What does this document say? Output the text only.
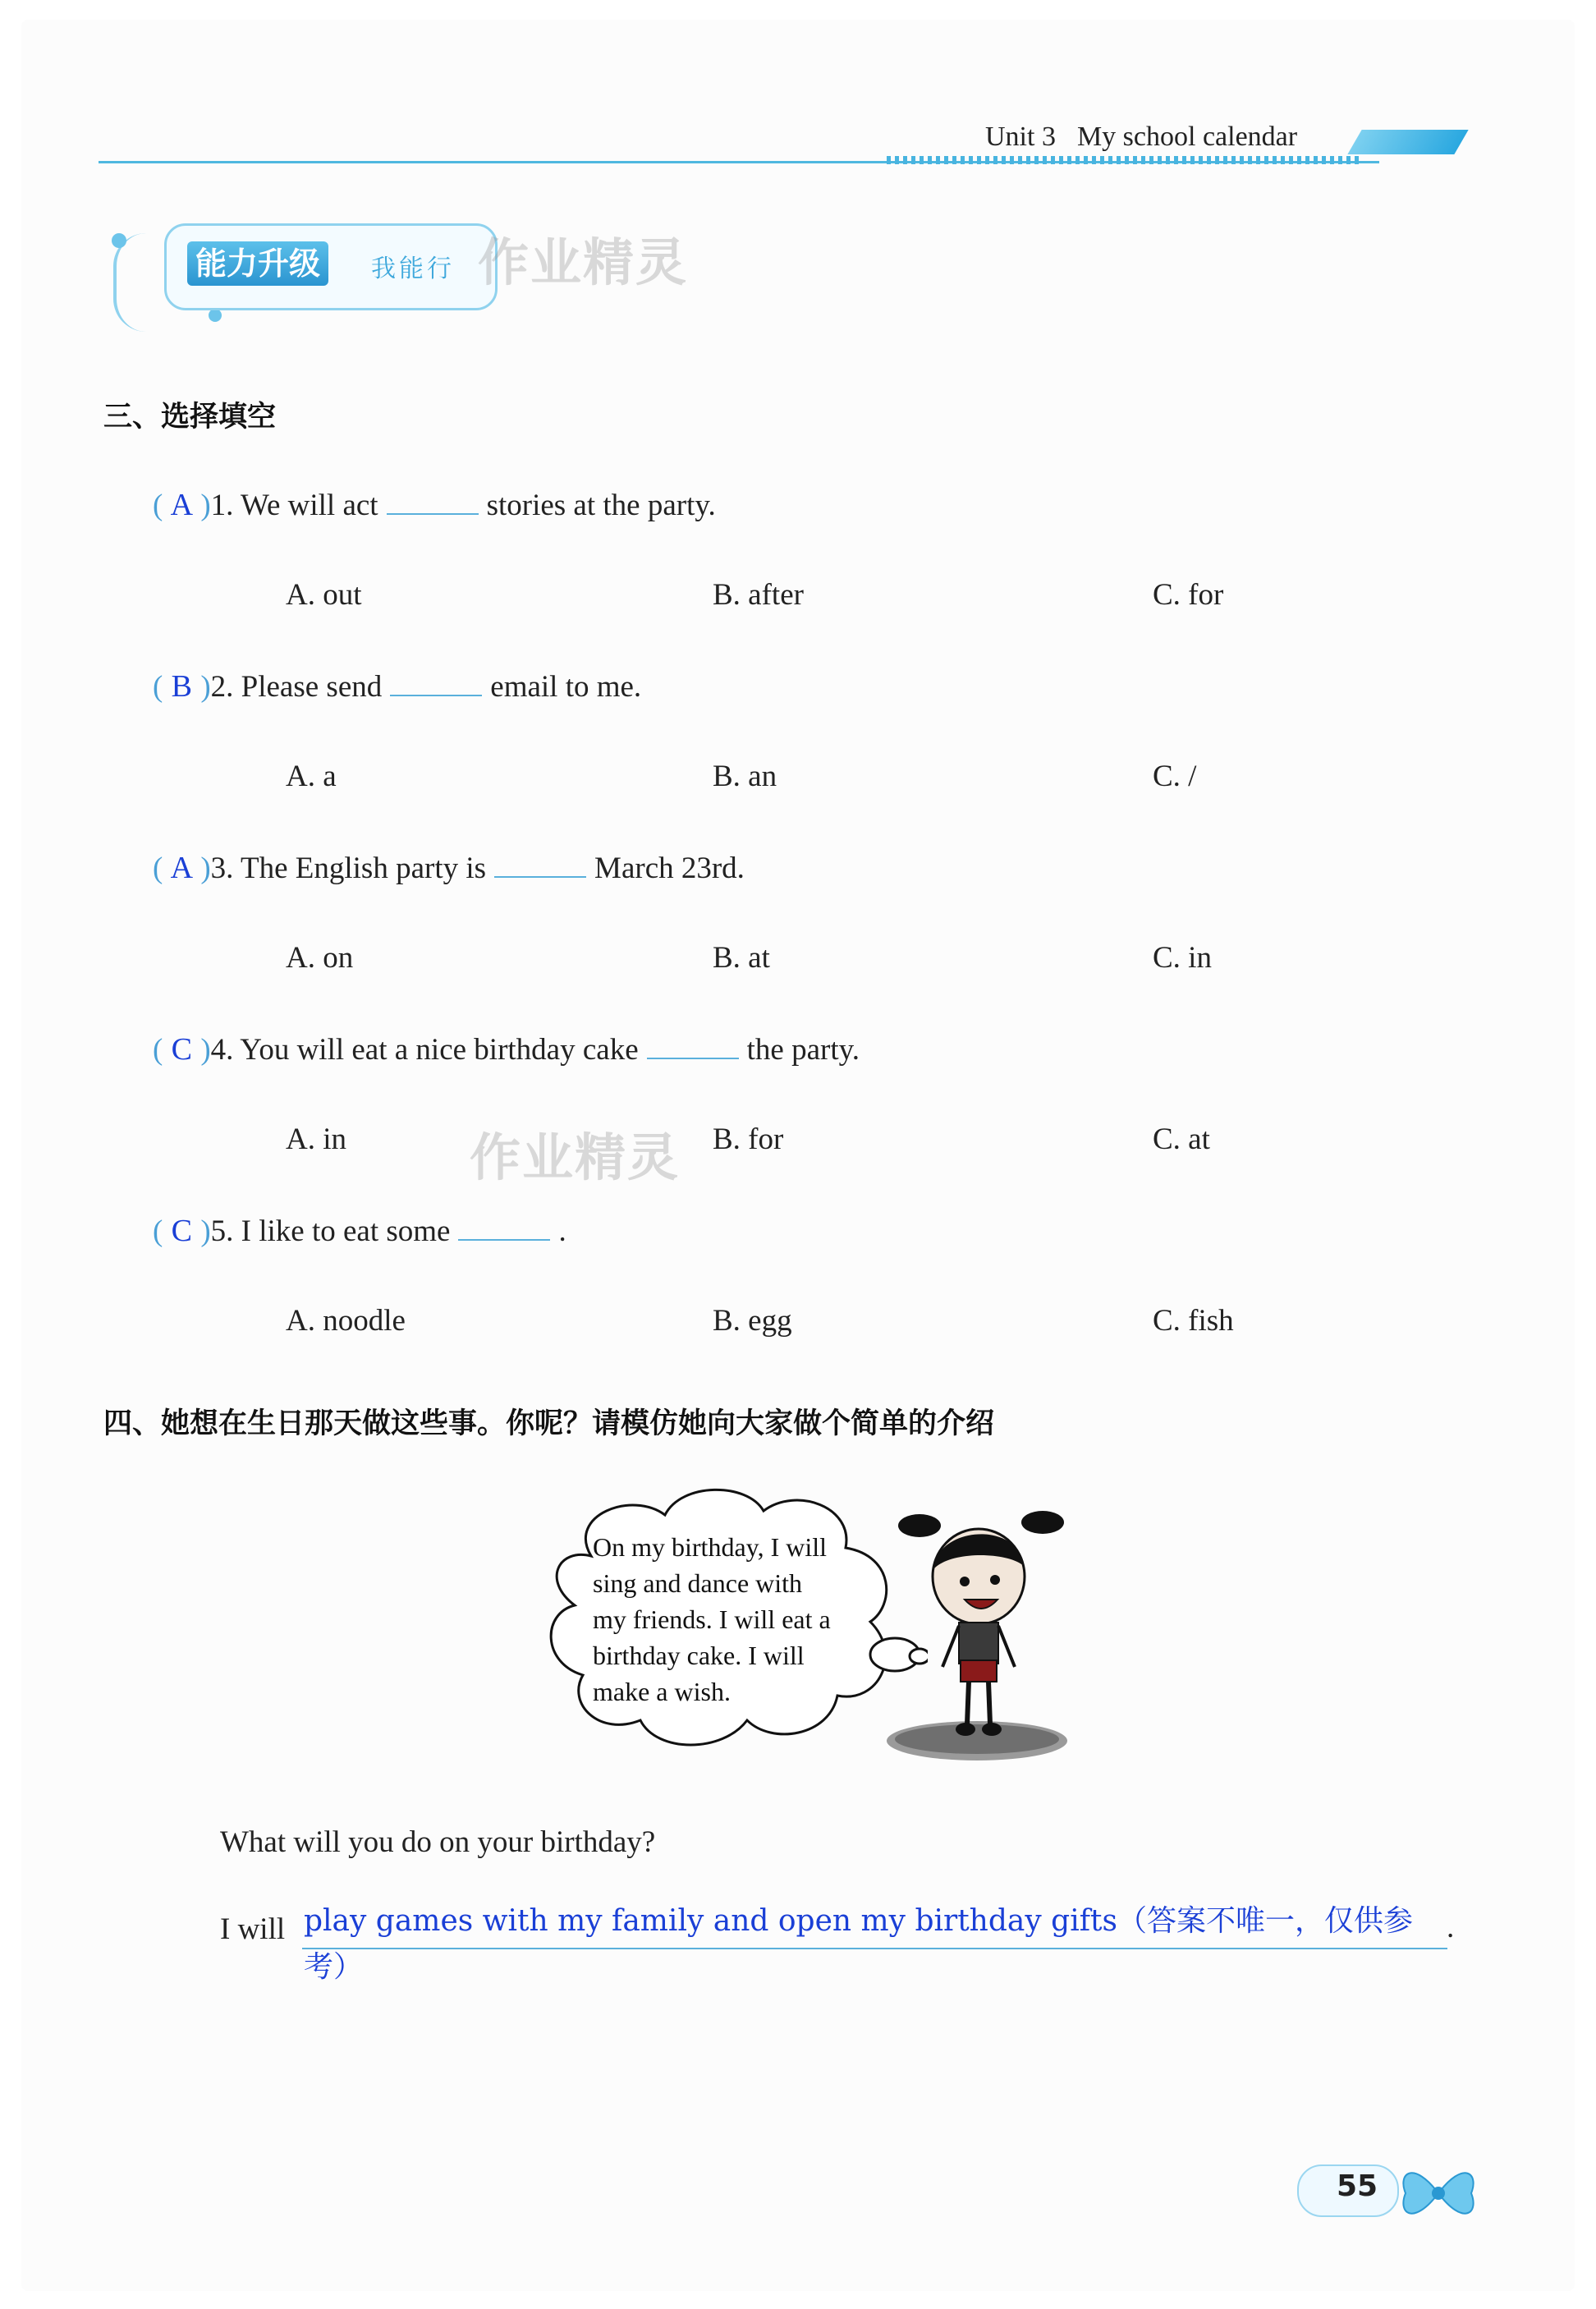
Unit 3 My school calendar
能力升级	我能行 作业精灵
三、选择填空
( A )1. We will act	stories at the party.
A. out	B. after	C. for
( B )2. Please send	email to me.
A. a	B. an	C. /
( A )3. The English party is	March 23rd.
A. on	B. at	C. in
( C )4. You will eat a nice birthday cake	the party.
A. in 作业精灵 B. for	C. at
( C )5. I like to eat some	.
A. noodle	B. egg	C. fish
四、她想在生日那天做这些事。你呢？请模仿她向大家做个简单的介绍
On my birthday, I will
sing and dance with
my friends. I will eat a
birthday cake. I will
make a wish.
What will you do on your birthday?
I will play games with my family and open my birthday gifts（答案不唯一，仅供参考）
.
55
